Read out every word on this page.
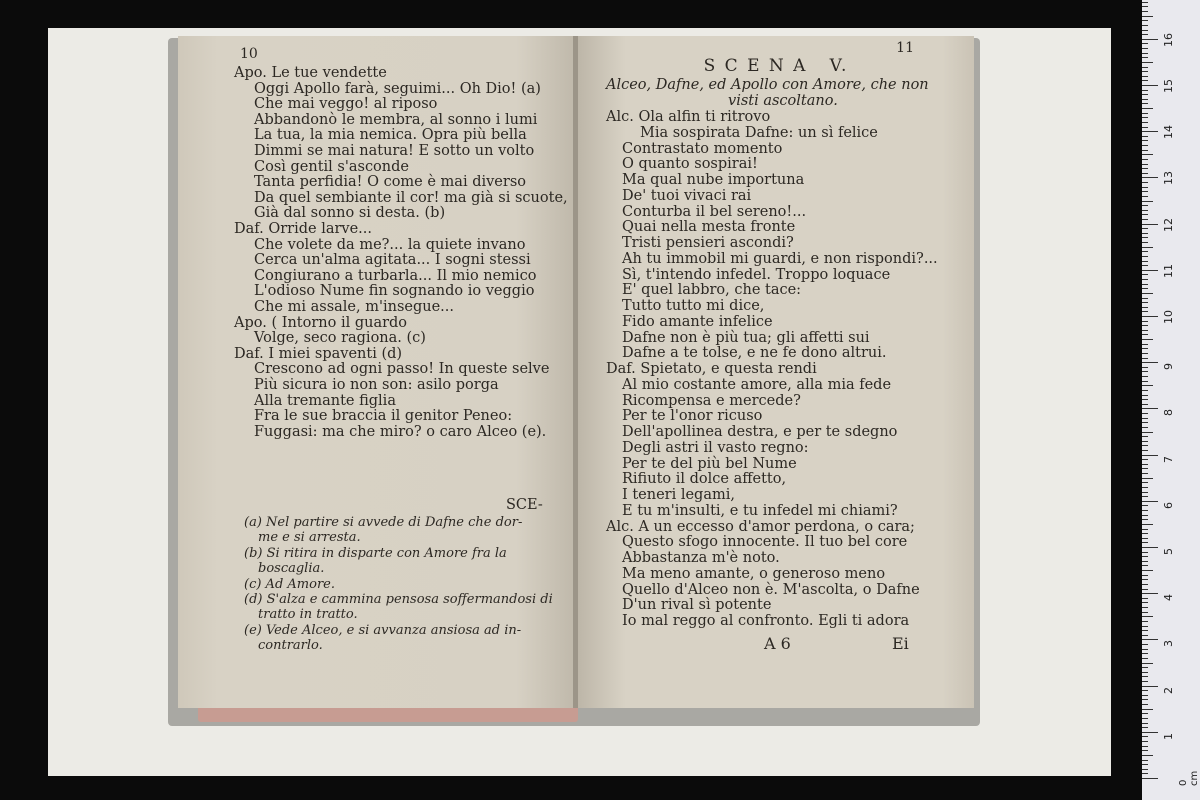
10
Apo. Le tue vendette
Oggi Apollo farà, seguimi... Oh Dio! (a)
Che mai veggo! al riposo
Abbandonò le membra, al sonno i lumi
La tua, la mia nemica. Opra più bella
Dimmi se mai natura! E sotto un volto
Così gentil s'asconde
Tanta perfidia! O come è mai diverso
Da quel sembiante il cor! ma già si scuote,
Già dal sonno si desta. (b)
Daf. Orride larve...
Che volete da me?... la quiete invano
Cerca un'alma agitata... I sogni stessi
Congiurano a turbarla... Il mio nemico
L'odioso Nume fin sognando io veggio
Che mi assale, m'insegue...
Apo. ( Intorno il guardo
Volge, seco ragiona. (c)
Daf. I miei spaventi (d)
Crescono ad ogni passo! In queste selve
Più sicura io non son: asilo porga
Alla tremante figlia
Fra le sue braccia il genitor Peneo:
Fuggasi: ma che miro? o caro Alceo (e).
SCE-
(a) Nel partire si avvede di Dafne che dor-
me e si arresta.
(b) Si ritira in disparte con Amore fra la
boscaglia.
(c) Ad Amore.
(d) S'alza e cammina pensosa soffermandosi di
tratto in tratto.
(e) Vede Alceo, e si avvanza ansiosa ad in-
contrarlo.
11
S C E N A   V.
Alceo, Dafne, ed Apollo con Amore, che non
visti ascoltano.
Alc. Ola alfin ti ritrovo
Mia sospirata Dafne: un sì felice
Contrastato momento
O quanto sospirai!
Ma qual nube importuna
De' tuoi vivaci rai
Conturba il bel sereno!...
Quai nella mesta fronte
Tristi pensieri ascondi?
Ah tu immobil mi guardi, e non rispondi?...
Sì, t'intendo infedel. Troppo loquace
E' quel labbro, che tace:
Tutto tutto mi dice,
Fido amante infelice
Dafne non è più tua; gli affetti sui
Dafne a te tolse, e ne fe dono altrui.
Daf. Spietato, e questa rendi
Al mio costante amore, alla mia fede
Ricompensa e mercede?
Per te l'onor ricuso
Dell'apollinea destra, e per te sdegno
Degli astri il vasto regno:
Per te del più bel Nume
Rifiuto il dolce affetto,
I teneri legami,
E tu m'insulti, e tu infedel mi chiami?
Alc. A un eccesso d'amor perdona, o cara;
Questo sfogo innocente. Il tuo bel core
Abbastanza m'è noto.
Ma meno amante, o generoso meno
Quello d'Alceo non è. M'ascolta, o Dafne
D'un rival sì potente
Io mal reggo al confronto. Egli ti adora
A 6	Ei
0 cm
1
2
3
4
5
6
7
8
9
10
11
12
13
14
15
16
